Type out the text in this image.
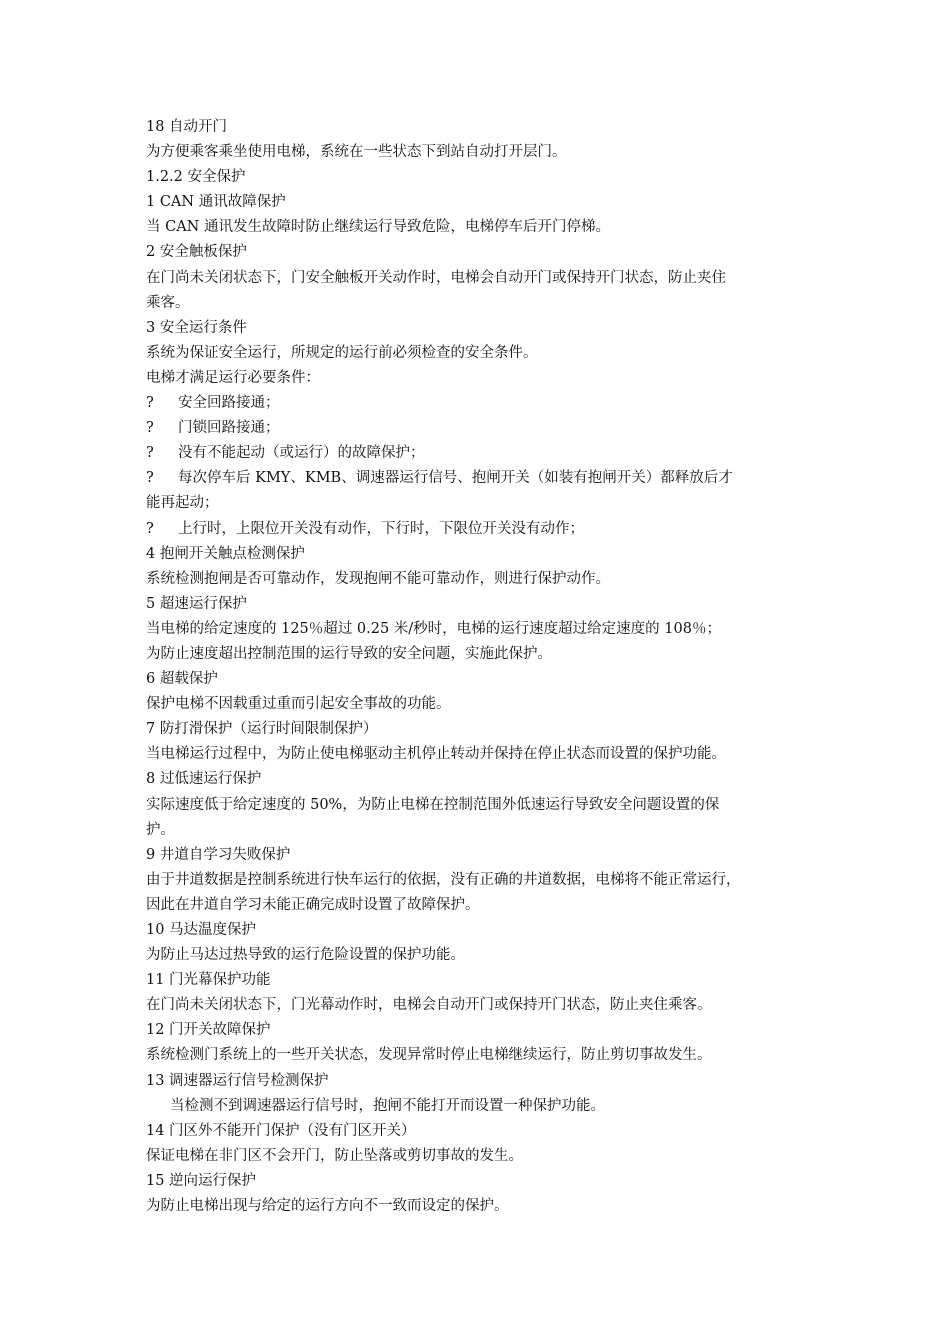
18 自动开门
为方便乘客乘坐使用电梯，系统在一些状态下到站自动打开层门。
1.2.2 安全保护
1 CAN 通讯故障保护
当 CAN 通讯发生故障时防止继续运行导致危险，电梯停车后开门停梯。
2 安全触板保护
在门尚未关闭状态下，门安全触板开关动作时，电梯会自动开门或保持开门状态，防止夹住
乘客。
3 安全运行条件
系统为保证安全运行，所规定的运行前必须检查的安全条件。
电梯才满足运行必要条件：
? 安全回路接通；
? 门锁回路接通；
? 没有不能起动（或运行）的故障保护；
? 每次停车后 KMY、KMB、调速器运行信号、抱闸开关（如装有抱闸开关）都释放后才
能再起动；
? 上行时，上限位开关没有动作，下行时，下限位开关没有动作；
4 抱闸开关触点检测保护
系统检测抱闸是否可靠动作，发现抱闸不能可靠动作，则进行保护动作。
5 超速运行保护
当电梯的给定速度的 125％超过 0.25 米/秒时，电梯的运行速度超过给定速度的 108％；
为防止速度超出控制范围的运行导致的安全问题，实施此保护。
6 超载保护
保护电梯不因载重过重而引起安全事故的功能。
7 防打滑保护（运行时间限制保护）
当电梯运行过程中，为防止使电梯驱动主机停止转动并保持在停止状态而设置的保护功能。
8 过低速运行保护
实际速度低于给定速度的 50%，为防止电梯在控制范围外低速运行导致安全问题设置的保
护。
9 井道自学习失败保护
由于井道数据是控制系统进行快车运行的依据，没有正确的井道数据，电梯将不能正常运行，
因此在井道自学习未能正确完成时设置了故障保护。
10 马达温度保护
为防止马达过热导致的运行危险设置的保护功能。
11 门光幕保护功能
在门尚未关闭状态下，门光幕动作时，电梯会自动开门或保持开门状态，防止夹住乘客。
12 门开关故障保护
系统检测门系统上的一些开关状态，发现异常时停止电梯继续运行，防止剪切事故发生。
13 调速器运行信号检测保护
当检测不到调速器运行信号时，抱闸不能打开而设置一种保护功能。
14 门区外不能开门保护（没有门区开关）
保证电梯在非门区不会开门，防止坠落或剪切事故的发生。
15 逆向运行保护
为防止电梯出现与给定的运行方向不一致而设定的保护。
